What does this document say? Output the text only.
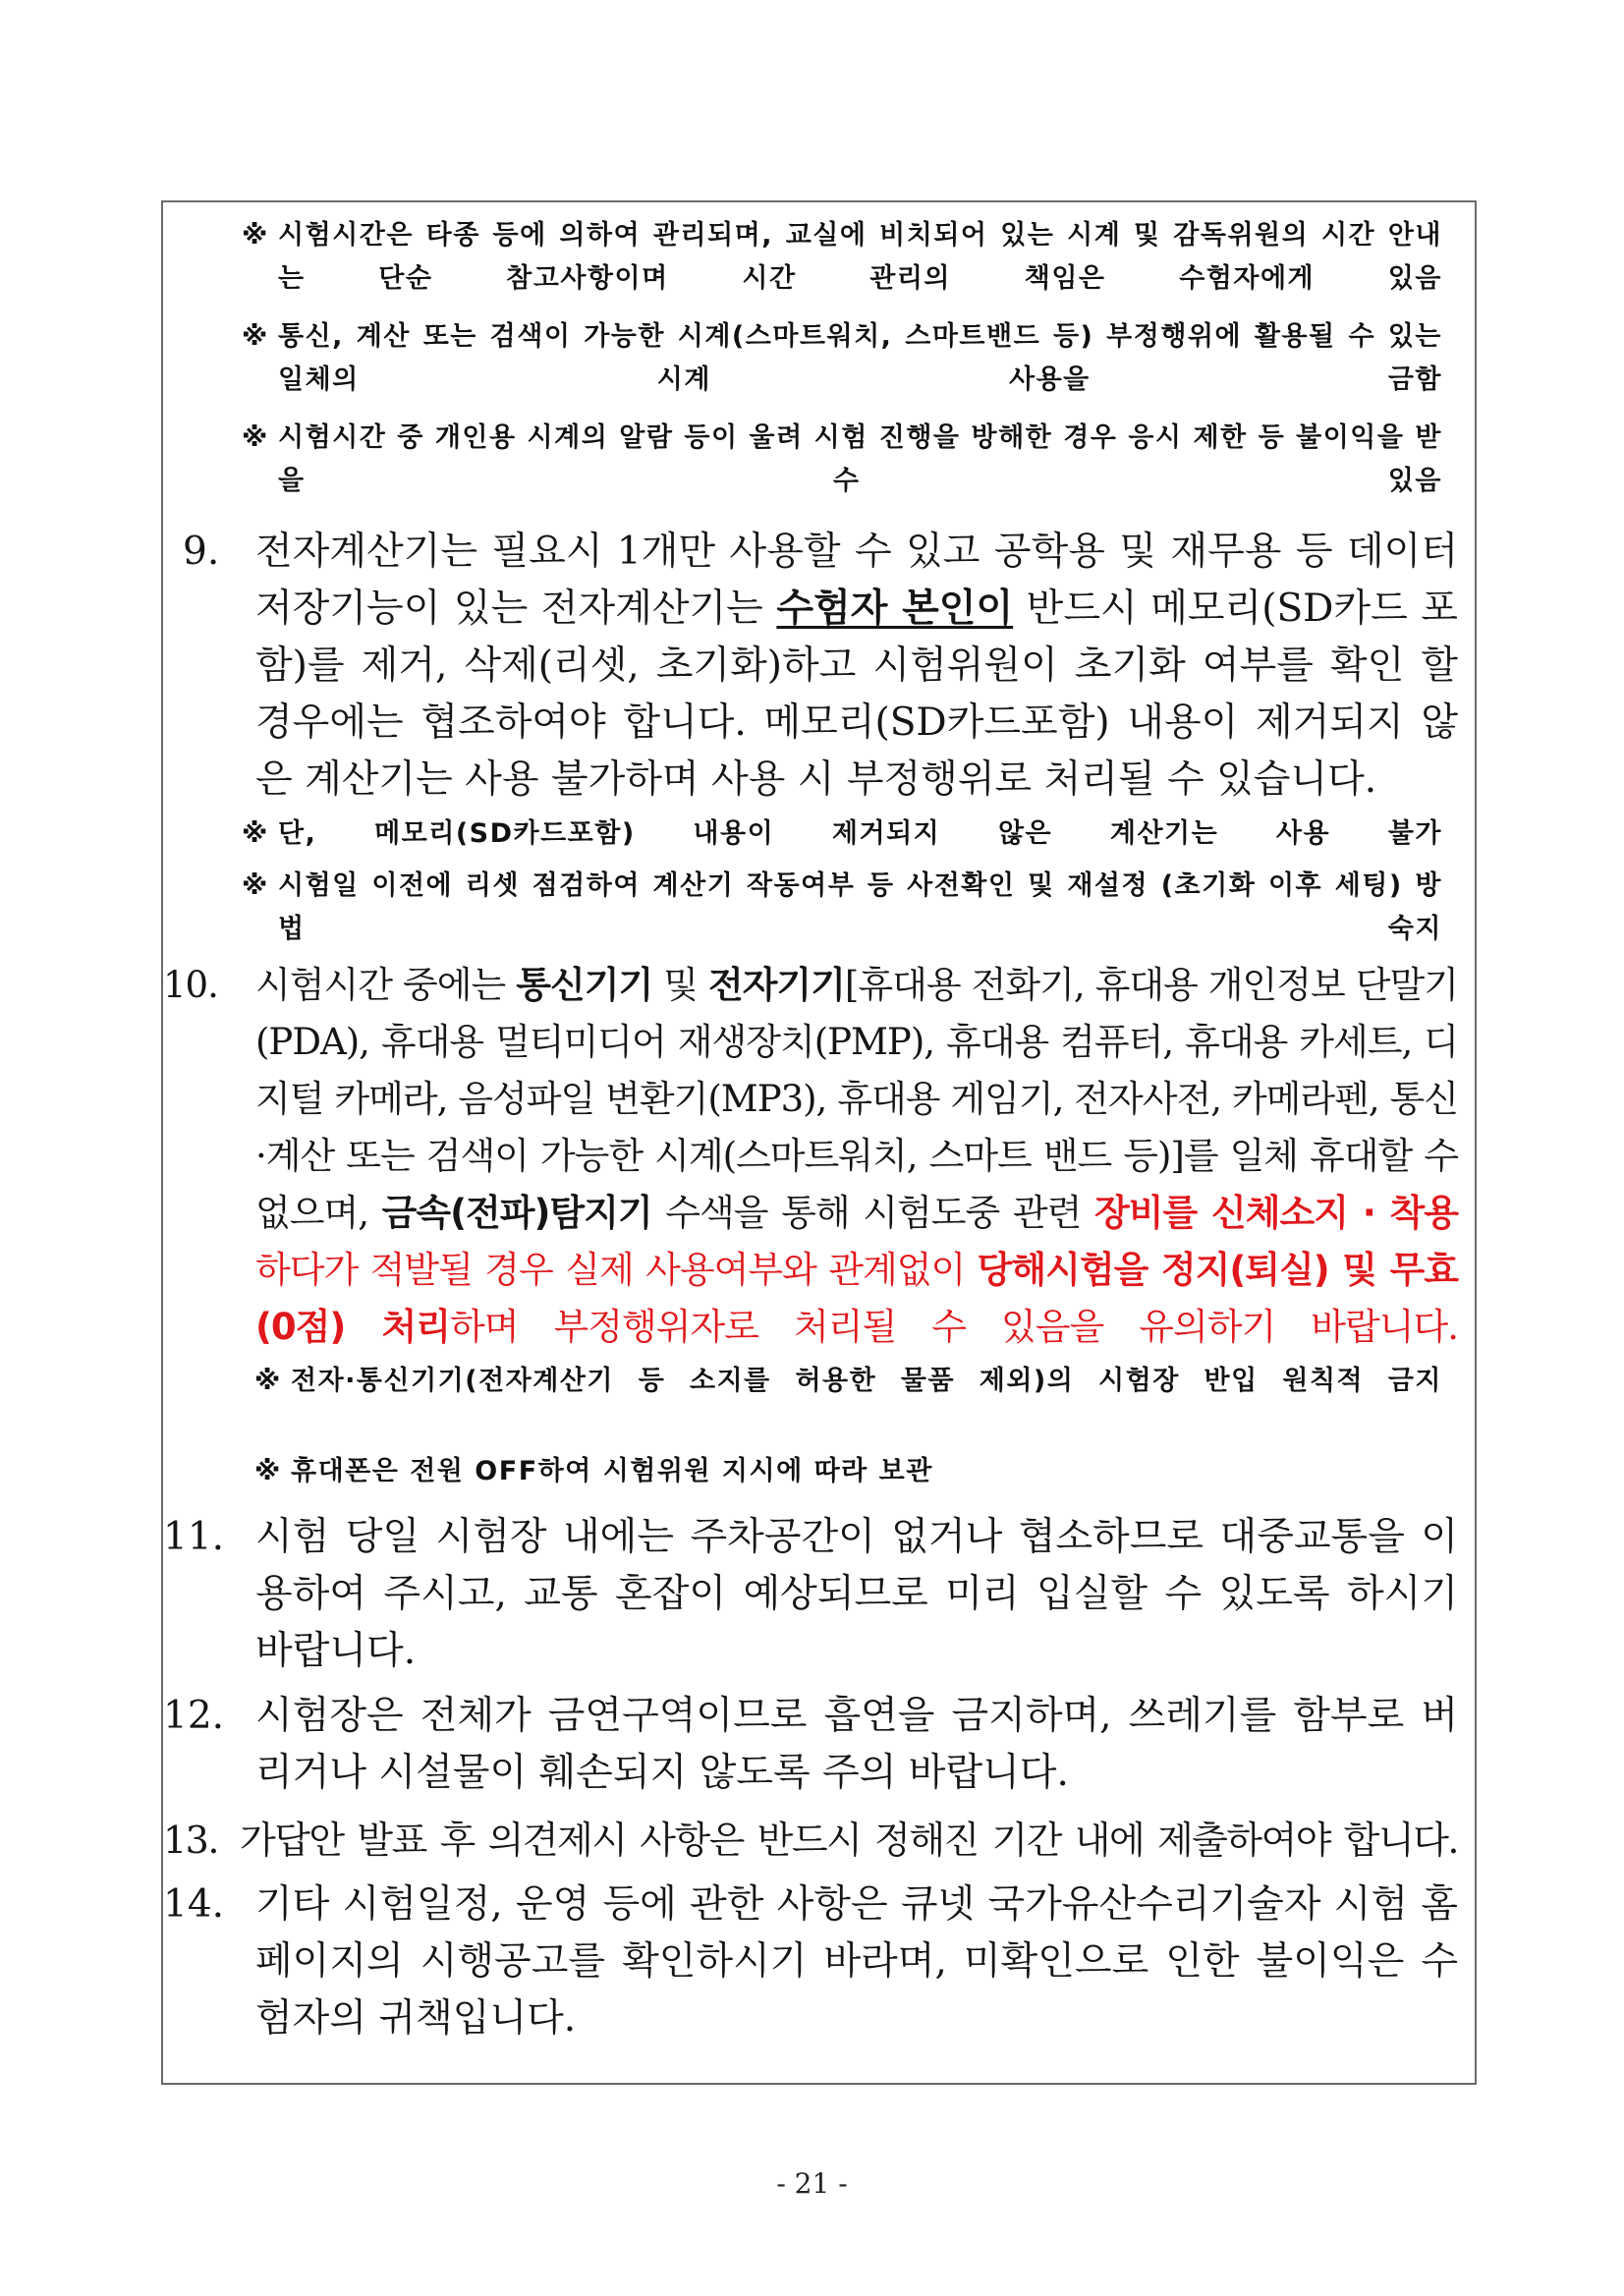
※ 시험시간은 타종 등에 의하여 관리되며, 교실에 비치되어 있는 시계 및 감독위원의 시간 안내는 단순 참고사항이며 시간 관리의 책임은 수험자에게 있음
※ 통신, 계산 또는 검색이 가능한 시계(스마트워치, 스마트밴드 등) 부정행위에 활용될 수 있는 일체의 시계 사용을 금함
※ 시험시간 중 개인용 시계의 알람 등이 울려 시험 진행을 방해한 경우 응시 제한 등 불이익을 받을 수 있음
9. 전자계산기는 필요시 1개만 사용할 수 있고 공학용 및 재무용 등 데이터 저장기능이 있는 전자계산기는 수험자 본인이 반드시 메모리(SD카드 포함)를 제거, 삭제(리셋, 초기화)하고 시험위원이 초기화 여부를 확인 할 경우에는 협조하여야 합니다. 메모리(SD카드포함) 내용이 제거되지 않은 계산기는 사용 불가하며 사용 시 부정행위로 처리될 수 있습니다.
※ 단, 메모리(SD카드포함) 내용이 제거되지 않은 계산기는 사용 불가
※ 시험일 이전에 리셋 점검하여 계산기 작동여부 등 사전확인 및 재설정 (초기화 이후 세팅) 방법 숙지
10. 시험시간 중에는 통신기기 및 전자기기[휴대용 전화기, 휴대용 개인정보 단말기(PDA), 휴대용 멀티미디어 재생장치(PMP), 휴대용 컴퓨터, 휴대용 카세트, 디지털 카메라, 음성파일 변환기(MP3), 휴대용 게임기, 전자사전, 카메라펜, 통신·계산 또는 검색이 가능한 시계(스마트워치, 스마트 밴드 등)]를 일체 휴대할 수 없으며, 금속(전파)탐지기 수색을 통해 시험도중 관련 장비를 신체소지 · 착용하다가 적발될 경우 실제 사용여부와 관계없이 당해시험을 정지(퇴실) 및 무효(0점) 처리하며 부정행위자로 처리될 수 있음을 유의하기 바랍니다.
※ 전자·통신기기(전자계산기 등 소지를 허용한 물품 제외)의 시험장 반입 원칙적 금지
※ 휴대폰은 전원 OFF하여 시험위원 지시에 따라 보관
11. 시험 당일 시험장 내에는 주차공간이 없거나 협소하므로 대중교통을 이용하여 주시고, 교통 혼잡이 예상되므로 미리 입실할 수 있도록 하시기 바랍니다.
12. 시험장은 전체가 금연구역이므로 흡연을 금지하며, 쓰레기를 함부로 버리거나 시설물이 훼손되지 않도록 주의 바랍니다.
13. 가답안 발표 후 의견제시 사항은 반드시 정해진 기간 내에 제출하여야 합니다.
14. 기타 시험일정, 운영 등에 관한 사항은 큐넷 국가유산수리기술자 시험 홈페이지의 시행공고를 확인하시기 바라며, 미확인으로 인한 불이익은 수험자의 귀책입니다.
- 21 -
